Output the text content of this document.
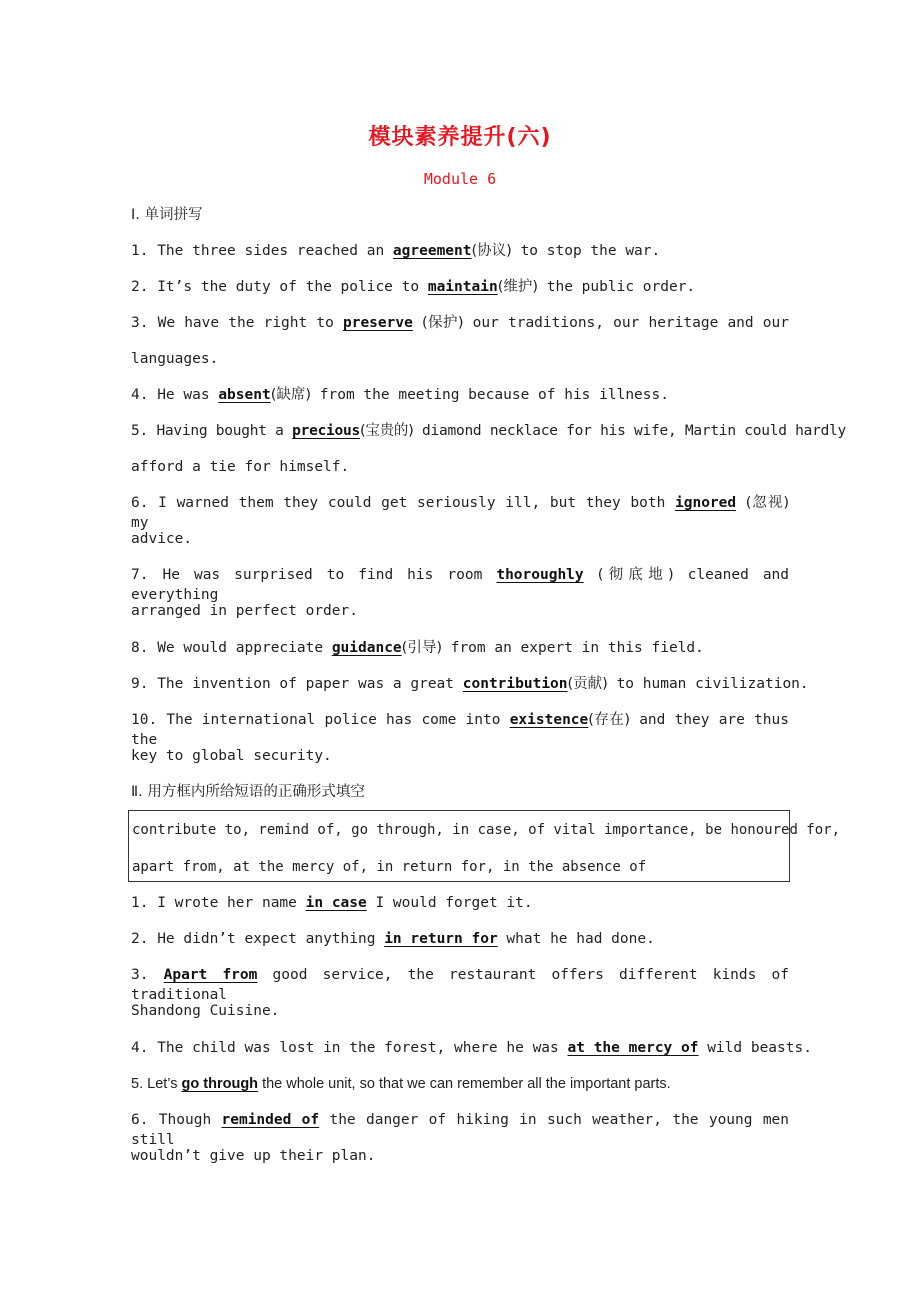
模块素养提升(六)
Module 6
Ⅰ. 单词拼写
1. The three sides reached an agreement(协议) to stop the war.
2. It’s the duty of the police to maintain(维护) the public order.
3. We have the right to preserve (保护) our traditions, our heritage and our
languages.
4. He was absent(缺席) from the meeting because of his illness.
5. Having bought a precious(宝贵的) diamond necklace for his wife, Martin could hardly
afford a tie for himself.
6. I warned them they could get seriously ill, but they both ignored (忽视) my
advice.
7. He was surprised to find his room thoroughly (彻底地) cleaned and everything
arranged in perfect order.
8. We would appreciate guidance(引导) from an expert in this field.
9. The invention of paper was a great contribution(贡献) to human civilization.
10. The international police has come into existence(存在) and they are thus the
key to global security.
Ⅱ. 用方框内所给短语的正确形式填空
contribute to, remind of, go through, in case, of vital importance, be honoured for,
apart from, at the mercy of, in return for, in the absence of
1. I wrote her name in case I would forget it.
2. He didn’t expect anything in return for what he had done.
3. Apart from good service, the restaurant offers different kinds of traditional
Shandong Cuisine.
4. The child was lost in the forest, where he was at the mercy of wild beasts.
5. Let’s go through the whole unit, so that we can remember all the important parts.
6. Though reminded of the danger of hiking in such weather, the young men still
wouldn’t give up their plan.
